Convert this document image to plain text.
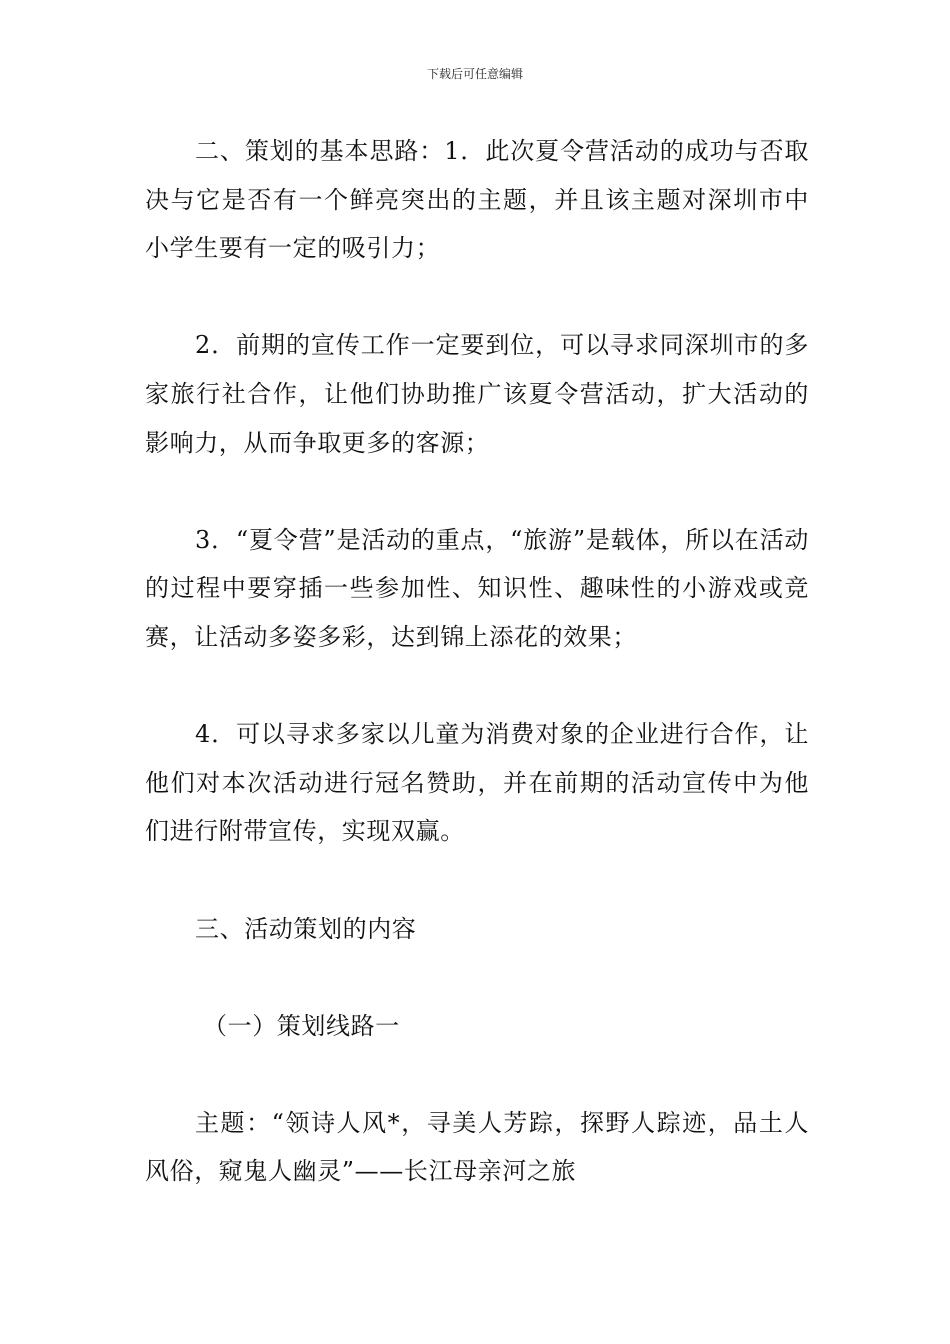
下载后可任意编辑

二、策划的基本思路：1．此次夏令营活动的成功与否取决与它是否有一个鲜亮突出的主题，并且该主题对深圳市中小学生要有一定的吸引力；

2．前期的宣传工作一定要到位，可以寻求同深圳市的多家旅行社合作，让他们协助推广该夏令营活动，扩大活动的影响力，从而争取更多的客源；

3．“夏令营”是活动的重点，“旅游”是载体，所以在活动的过程中要穿插一些参加性、知识性、趣味性的小游戏或竞赛，让活动多姿多彩，达到锦上添花的效果；

4．可以寻求多家以儿童为消费对象的企业进行合作，让他们对本次活动进行冠名赞助，并在前期的活动宣传中为他们进行附带宣传，实现双赢。

三、活动策划的内容

（一）策划线路一

主题：“领诗人风*，寻美人芳踪，探野人踪迹，品土人风俗，窥鬼人幽灵”——长江母亲河之旅
